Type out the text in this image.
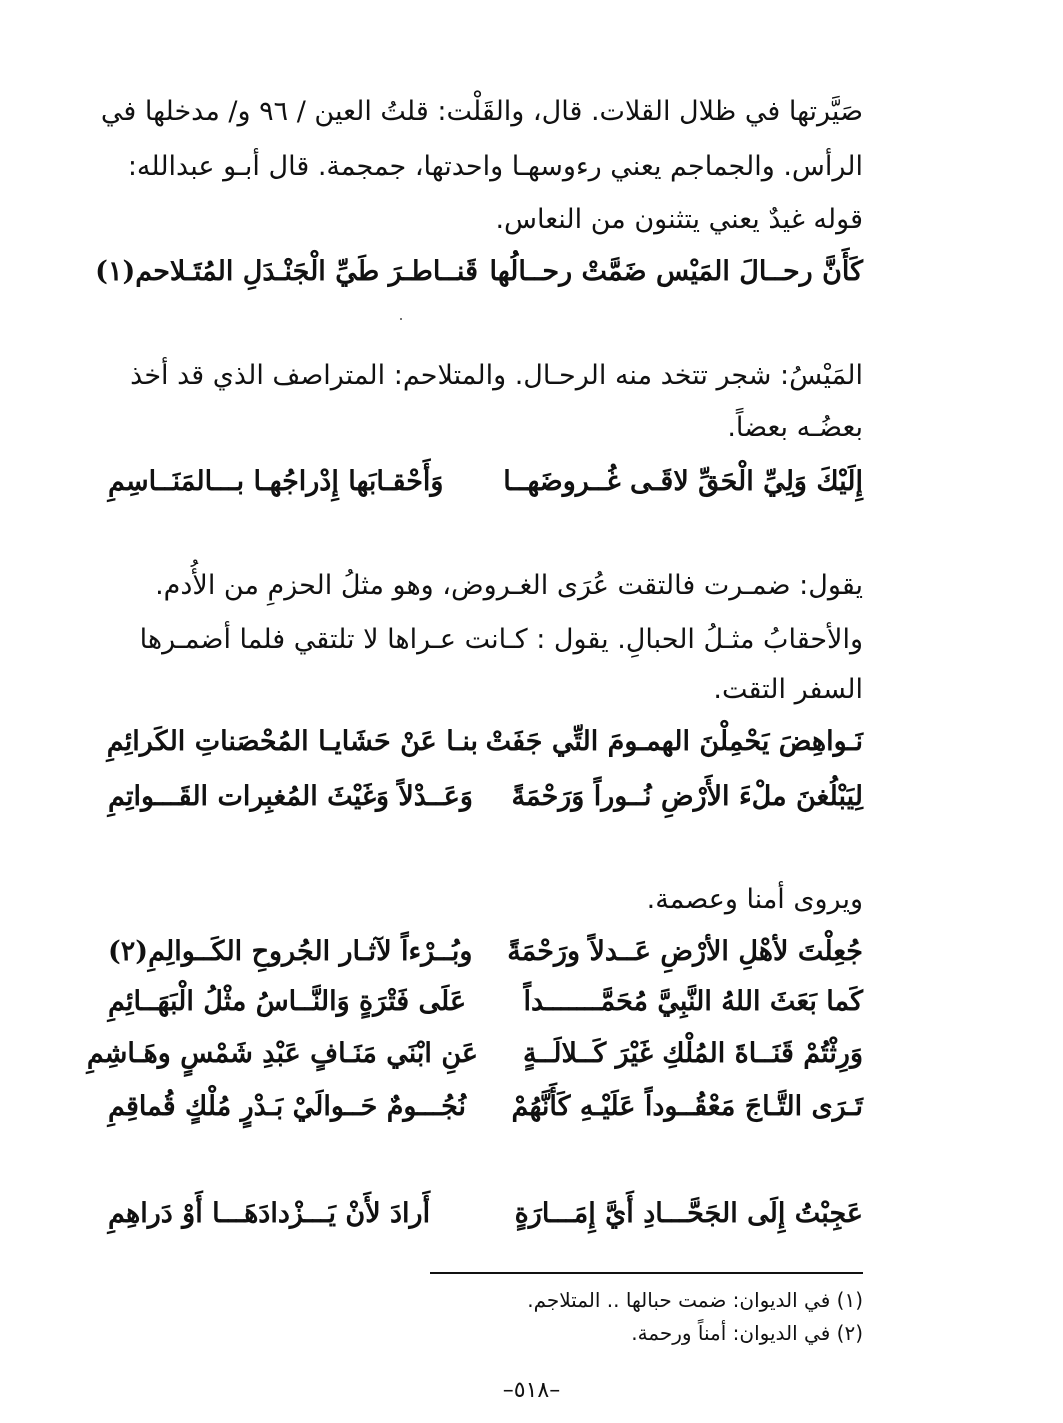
صَيَّرتها في ظلال القلات. قال، والقَلْت: قلتُ العين / ٩٦ و/ مدخلها في
الرأس. والجماجم يعني رءوسهـا واحدتها، جمجمة. قال أبـو عبدالله:
قوله غيدٌ يعني يتثنون من النعاس.
كَأَنَّ رحــالَ المَيْس ضَمَّتْ رحــالُها
قَنــاطـرَ طَيِّ الْجَنْـدَلِ المُتَـلاحم(١)
المَيْسُ: شجر تتخد منه الرحـال. والمتلاحم: المتراصف الذي قد أخذ
بعضُـه بعضاً.
إِلَيْكَ وَلِيِّ الْحَقِّ لاقَـى غُــروضَهــا
وَأَحْقـابَها إِدْراجُهـا بـــالمَنَــاسِمِ
يقول: ضمـرت فالتقت عُرَى الغـروض، وهو مثلُ الحزمِ من الأُدم.
والأحقابُ مثـلُ الحبالِ. يقول : كـانت عـراها لا تلتقي فلما أضمـرها
السفر التقت.
نَـواهِضَ يَحْمِلْنَ الهمـومَ التِّي جَفَتْ
بنـا عَنْ حَشَايـا المُحْصَناتِ الكَرائِمِ
لِيَبْلُغنَ ملْءَ الأَرْضِ نُــوراً وَرَحْمَةً
وَعَــدْلاً وَغَيْثَ المُغبِرات القَـــواتِمِ
ويروى أمنا وعصمة.
جُعِلْتَ لأهْلِ الأرْضِ عَــدلاً ورَحْمَةً
وبُــرْءاً لآثـار الجُروحِ الكَــوالِمِ(٢)
كَما بَعَثَ اللهُ النَّبِيَّ مُحَمَّـــــــداً
عَلَى فَتْرَةٍ وَالنَّــاسُ مثْلُ الْبَهَــائِمِ
وَرِثْتُمْ قَنَــاةَ المُلْكِ غَيْرَ كَــلالَــةٍ
عَنِ ابْنَي مَنَـافٍ عَبْدِ شَمْسٍ وهَـاشِمِ
تَـرَى التَّـاجَ مَعْقُــوداً عَلَيْـهِ كَأَنَّهُمْ
نُجُـــومٌ حَــوالَيْ بَـدْرٍ مُلْكٍ قُماقِمِ
عَجِبْتُ إِلَى الجَحَّـــادِ أَيَّ إِمَـــارَةٍ
أَرادَ لأَنْ يَـــزْدادَهَـــا أَوْ دَراهِمِ
(١) في الديوان: ضمت حبالها .. المتلاجم.
(٢) في الديوان: أمناً ورحمة.
–٥١٨–
